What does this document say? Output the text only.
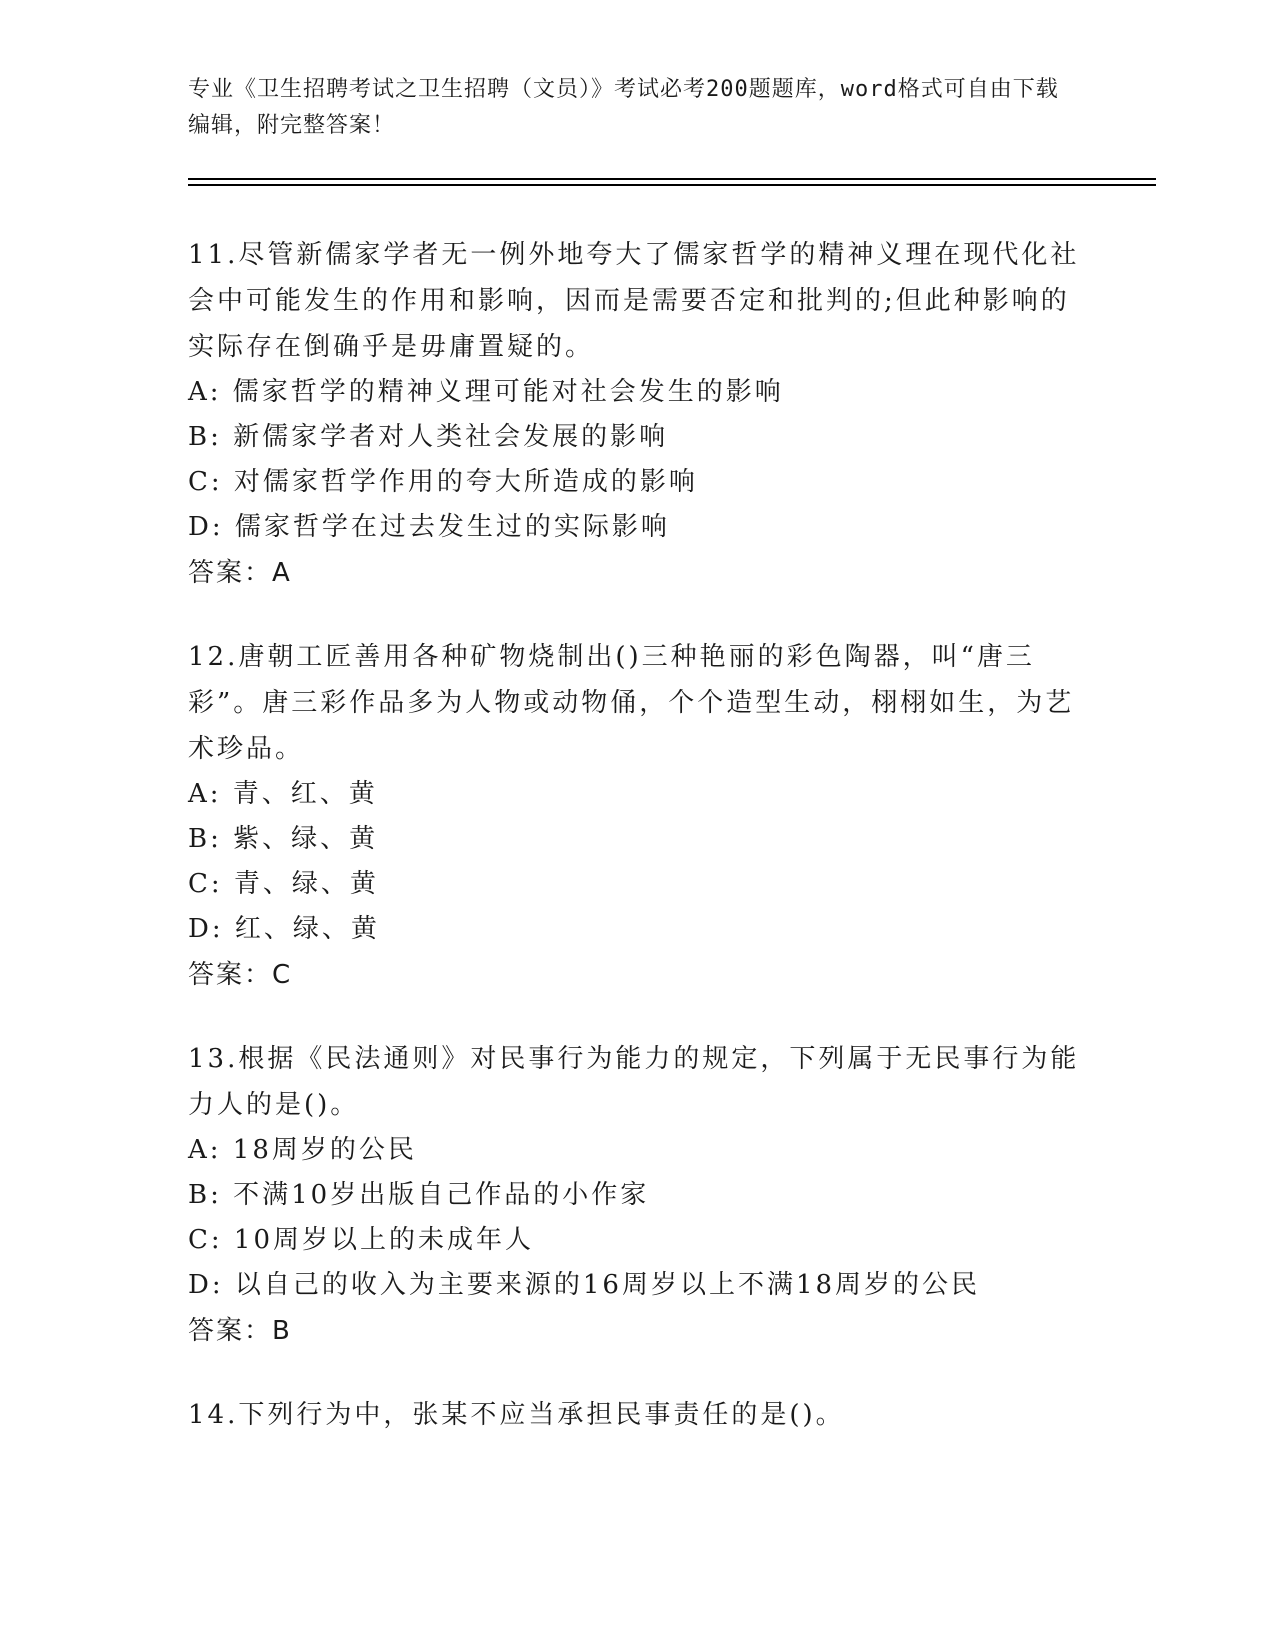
专业《卫生招聘考试之卫生招聘（文员）》考试必考200题题库，word格式可自由下载编辑，附完整答案！

11.尽管新儒家学者无一例外地夸大了儒家哲学的精神义理在现代化社会中可能发生的作用和影响，因而是需要否定和批判的;但此种影响的实际存在倒确乎是毋庸置疑的。

A: 儒家哲学的精神义理可能对社会发生的影响

B: 新儒家学者对人类社会发展的影响

C: 对儒家哲学作用的夸大所造成的影响

D: 儒家哲学在过去发生过的实际影响

答案：A

12.唐朝工匠善用各种矿物烧制出()三种艳丽的彩色陶器，叫“唐三彩”。唐三彩作品多为人物或动物俑，个个造型生动，栩栩如生，为艺术珍品。

A: 青、红、黄

B: 紫、绿、黄

C: 青、绿、黄

D: 红、绿、黄

答案：C

13.根据《民法通则》对民事行为能力的规定，下列属于无民事行为能力人的是()。

A: 18周岁的公民

B: 不满10岁出版自己作品的小作家

C: 10周岁以上的未成年人

D: 以自己的收入为主要来源的16周岁以上不满18周岁的公民

答案：B

14.下列行为中，张某不应当承担民事责任的是()。
